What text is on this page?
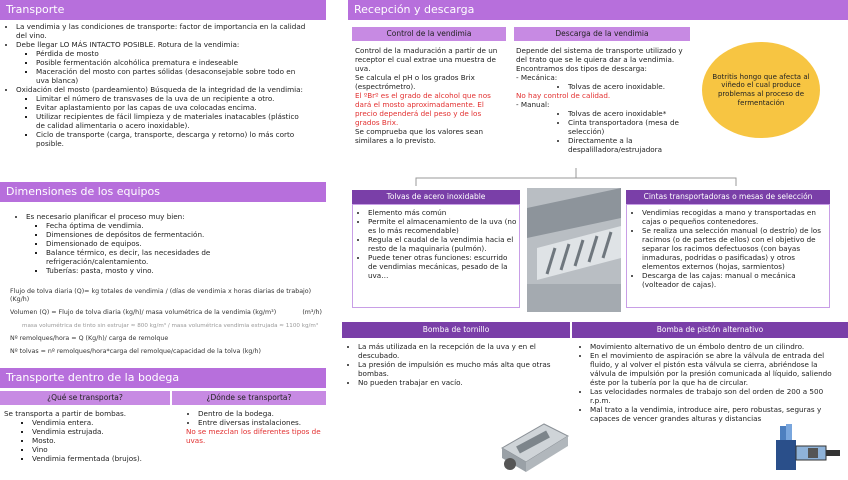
Transporte
• La vendimia y las condiciones de transporte: factor de importancia en la calidad del vino.
• Debe llegar LO MÁS INTACTO POSIBLE. Rotura de la vendimia:
▪ Pérdida de mosto
▪ Posible fermentación alcohólica prematura e indeseable
▪ Maceración del mosto con partes sólidas (desaconsejable sobre todo en uva blanca)
• Oxidación del mosto (pardeamiento) Búsqueda de la integridad de la vendimia:
▪ Limitar el número de transvases de la uva de un recipiente a otro.
▪ Evitar aplastamiento por las capas de uva colocadas encima.
▪ Utilizar recipientes de fácil limpieza y de materiales inatacables (plástico de calidad alimentaria o acero inoxidable).
▪ Ciclo de transporte (carga, transporte, descarga y retorno) lo más corto posible.
Dimensiones de los equipos
• Es necesario planificar el proceso muy bien:
▪ Fecha óptima de vendimia.
▪ Dimensiones de depósitos de fermentación.
▪ Dimensionado de equipos.
▪ Balance térmico, es decir, las necesidades de refrigeración/calentamiento.
▪ Tuberías: pasta, mosto y vino.
Flujo de tolva diaria (Q)= kg totales de vendimia / (días de vendimia x horas diarias de trabajo) (Kg/h)
Volumen (Q) = Flujo de tolva diaria (kg/h)/ masa volumétrica de la vendimia (kg/m³)	(m³/h)
masa volumétrica de tinto sin estrujar ≈ 800 kg/m³ / masa volumétrica vendimia estrujada ≈ 1100 kg/m³
Nº remolques/hora = Q (Kg/h)/ carga de remolque
Nº tolvas = nº remolques/hora*carga del remolque/capacidad de la tolva (kg/h)
Transporte dentro de la bodega
¿Qué se transporta?	¿Dónde se transporta?
Se transporta a partir de bombas.
▪ Vendimia entera.
▪ Vendimia estrujada.
▪ Mosto.
▪ Vino
▪ Vendimia fermentada (brujos).
• Dentro de la bodega.
• Entre diversas instalaciones.
No se mezclan los diferentes tipos de uvas.
Recepción y descarga
Control de la vendimia	Descarga de la vendimia
Control de la maduración a partir de un receptor el cual extrae una muestra de uva.
Se calcula el pH o los grados Brix (espectrómetro).
El ºBrº es el grado de alcohol que nos dará el mosto aproximadamente. El precio dependerá del peso y de los grados Brix.
Se comprueba que los valores sean similares a lo previsto.
Depende del sistema de transporte utilizado y del trato que se le quiera dar a la vendimia. Encontramos dos tipos de descarga:
- Mecánica:
• Tolvas de acero inoxidable.
No hay control de calidad.
- Manual:
• Tolvas de acero inoxidable*
• Cinta transportadora (mesa de selección)
• Directamente a la despalilladora/estrujadora
Botritis hongo que afecta al viñedo el cual produce problemas al proceso de fermentación
Tolvas de acero inoxidable	Cintas transportadoras o mesas de selección
• Elemento más común
• Permite el almacenamiento de la uva (no es lo más recomendable)
• Regula el caudal de la vendimia hacia el resto de la maquinaria (pulmón).
• Puede tener otras funciones: escurrido de vendimias mecánicas, pesado de la uva…
• Vendimias recogidas a mano y transportadas en cajas o pequeños contenedores.
• Se realiza una selección manual (o destrío) de los racimos (o de partes de ellos) con el objetivo de separar los racimos defectuosos (con bayas inmaduras, podridas o pasificadas) y otros elementos externos (hojas, sarmientos)
• Descarga de las cajas: manual o mecánica (volteador de cajas).
Bomba de tornillo	Bomba de pistón alternativo
• La más utilizada en la recepción de la uva y en el descubado.
• La presión de impulsión es mucho más alta que otras bombas.
• No pueden trabajar en vacío.
• Movimiento alternativo de un émbolo dentro de un cilindro.
• En el movimiento de aspiración se abre la válvula de entrada del fluido, y al volver el pistón esta válvula se cierra, abriéndose la válvula de impulsión por la presión comunicada al líquido, saliendo éste por la tubería por la que ha de circular.
• Las velocidades normales de trabajo son del orden de 200 a 500 r.p.m.
• Mal trato a la vendimia, introduce aire, pero robustas, seguras y capaces de vencer grandes alturas y distancias
